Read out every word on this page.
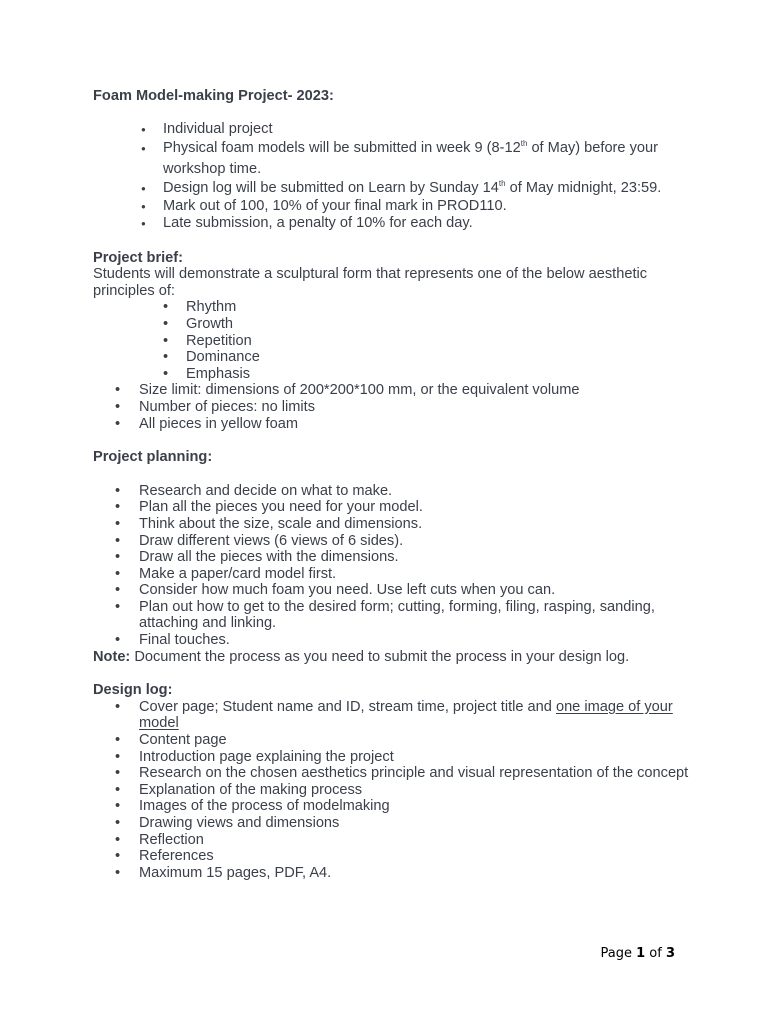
Foam Model-making Project- 2023:
● Individual project
● Physical foam models will be submitted in week 9 (8-12th of May) before your workshop time.
● Design log will be submitted on Learn by Sunday 14th of May midnight, 23:59.
● Mark out of 100, 10% of your final mark in PROD110.
● Late submission, a penalty of 10% for each day.
Project brief:

Students will demonstrate a sculptural form that represents one of the below aesthetic principles of:

• Rhythm
• Growth
• Repetition
• Dominance
• Emphasis
• Size limit: dimensions of 200*200*100 mm, or the equivalent volume
• Number of pieces: no limits
• All pieces in yellow foam
Project planning:
• Research and decide on what to make.
• Plan all the pieces you need for your model.
• Think about the size, scale and dimensions.
• Draw different views (6 views of 6 sides).
• Draw all the pieces with the dimensions.
• Make a paper/card model first.
• Consider how much foam you need. Use left cuts when you can.
• Plan out how to get to the desired form; cutting, forming, filing, rasping, sanding, attaching and linking.
• Final touches.

Note: Document the process as you need to submit the process in your design log.

Design log:
• Cover page; Student name and ID, stream time, project title and one image of your model
• Content page
• Introduction page explaining the project
• Research on the chosen aesthetics principle and visual representation of the concept
• Explanation of the making process
• Images of the process of modelmaking
• Drawing views and dimensions
• Reflection
• References
• Maximum 15 pages, PDF, A4.
Page 1 of 3
